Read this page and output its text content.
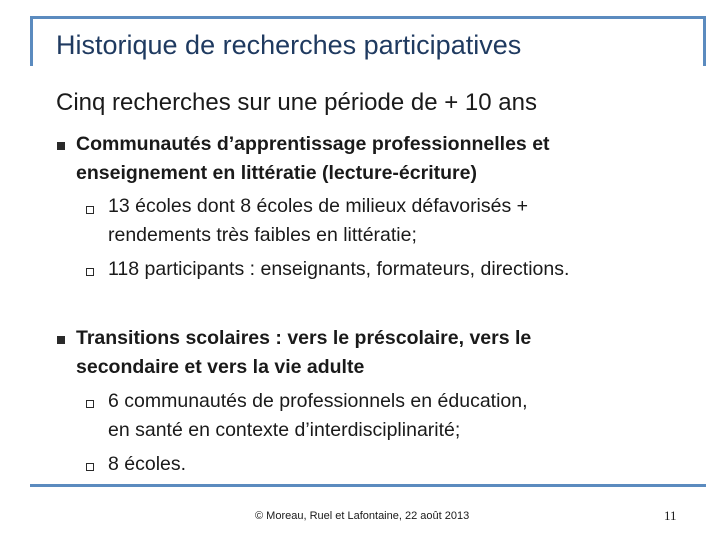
Historique de recherches participatives
Cinq recherches sur une période de + 10 ans
Communautés d’apprentissage professionnelles et
enseignement en littératie (lecture-écriture)
13 écoles dont 8 écoles de milieux défavorisés +
rendements très faibles en littératie;
118 participants : enseignants, formateurs, directions.
Transitions scolaires : vers le préscolaire, vers le
secondaire et vers la vie adulte
6 communautés de professionnels en éducation,
en santé en contexte d’interdisciplinarité;
8 écoles.
© Moreau, Ruel et Lafontaine, 22 août 2013	11
